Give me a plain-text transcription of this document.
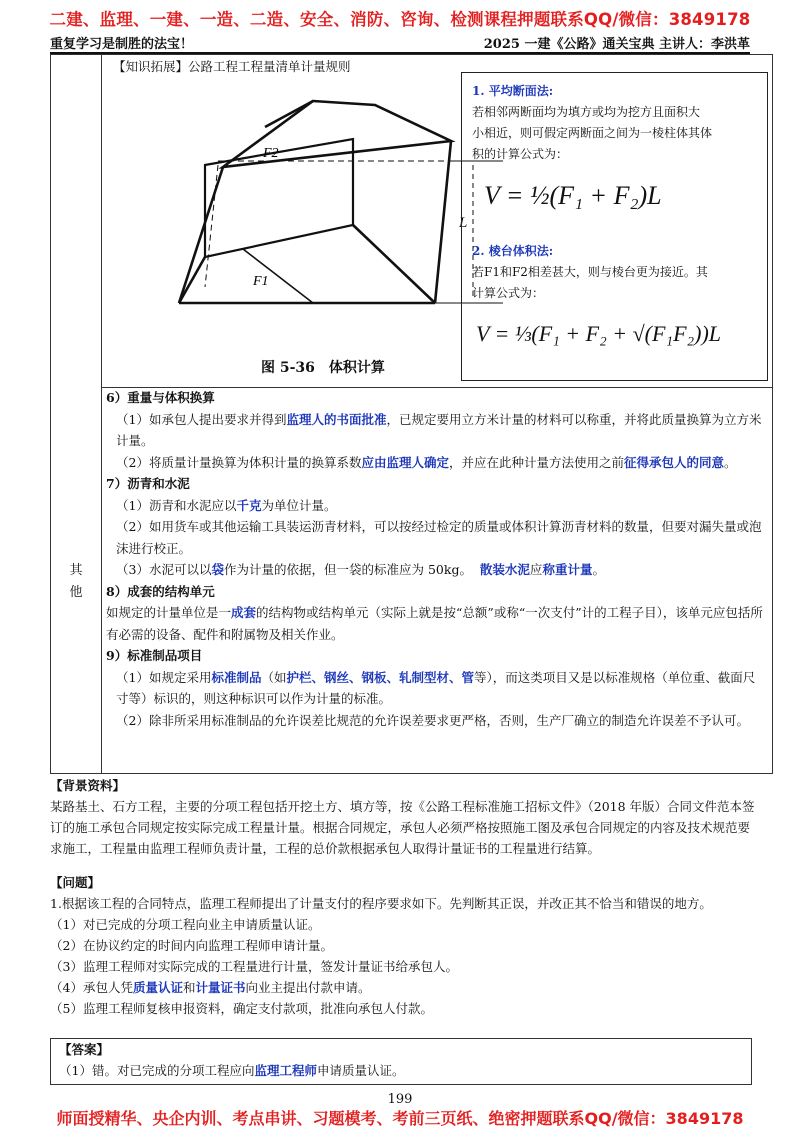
二建、监理、一建、一造、二造、安全、消防、咨询、检测课程押题联系QQ/微信：3849178
重复学习是制胜的法宝！	2025 一建《公路》通关宝典 主讲人：李洪革
其
他
【知识拓展】公路工程工程量清单计量规则
F2
F1
L
图 5-36　体积计算
1. 平均断面法:
若相邻两断面均为填方或均为挖方且面积大
小相近，则可假定两断面之间为一棱柱体其体
积的计算公式为：
V = ½(F₁ + F₂)L
2. 棱台体积法:
若F1和F2相差甚大，则与棱台更为接近。其
计算公式为：
V = ⅓(F₁ + F₂ + √(F₁F₂))L

6）重量与体积换算

（1）如承包人提出要求并得到监理人的书面批准，已规定要用立方米计量的材料可以称重，并将此质量换算为立方米计量。

（2）将质量计量换算为体积计量的换算系数应由监理人确定，并应在此种计量方法使用之前征得承包人的同意。

7）沥青和水泥

（1）沥青和水泥应以千克为单位计量。

（2）如用货车或其他运输工具装运沥青材料，可以按经过检定的质量或体积计算沥青材料的数量，但要对漏失量或泡沫进行校正。

（3）水泥可以以袋作为计量的依据，但一袋的标准应为 50kg。 散装水泥应称重计量。

8）成套的结构单元

如规定的计量单位是一成套的结构物或结构单元（实际上就是按“总额”或称“一次支付”计的工程子目），该单元应包括所有必需的设备、配件和附属物及相关作业。

9）标准制品项目

（1）如规定采用标准制品（如护栏、钢丝、钢板、轧制型材、管等），而这类项目又是以标准规格（单位重、截面尺寸等）标识的，则这种标识可以作为计量的标准。

（2）除非所采用标准制品的允许误差比规范的允许误差要求更严格，否则，生产厂确立的制造允许误差不予认可。

【背景资料】

某路基土、石方工程，主要的分项工程包括开挖土方、填方等，按《公路工程标准施工招标文件》（2018 年版）合同文件范本签订的施工承包合同规定按实际完成工程量计量。根据合同规定，承包人必须严格按照施工图及承包合同规定的内容及技术规范要求施工，工程量由监理工程师负责计量，工程的总价款根据承包人取得计量证书的工程量进行结算。

【问题】

1.根据该工程的合同特点，监理工程师提出了计量支付的程序要求如下。先判断其正误，并改正其不恰当和错误的地方。

（1）对已完成的分项工程向业主申请质量认证。

（2）在协议约定的时间内向监理工程师申请计量。

（3）监理工程师对实际完成的工程量进行计量，签发计量证书给承包人。

（4）承包人凭质量认证和计量证书向业主提出付款申请。

（5）监理工程师复核申报资料，确定支付款项，批准向承包人付款。

【答案】

（1）错。对已完成的分项工程应向监理工程师申请质量认证。

199
师面授精华、央企内训、考点串讲、习题模考、考前三页纸、绝密押题联系QQ/微信：3849178
